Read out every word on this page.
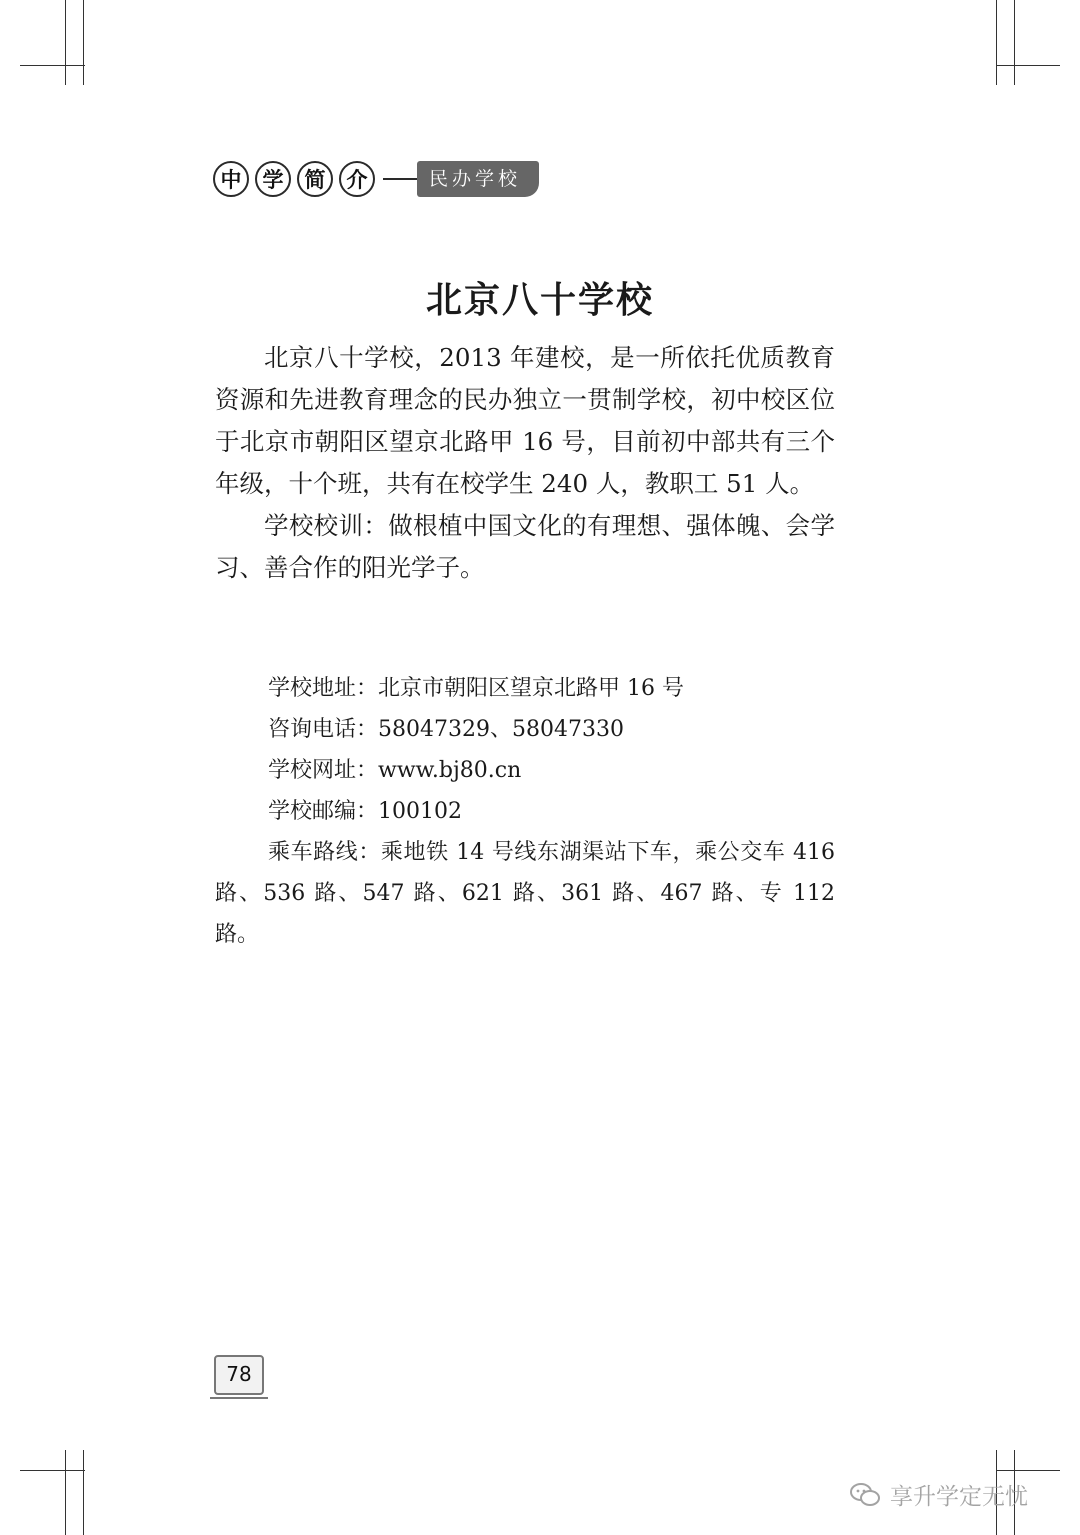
中	学	简	介	民办学校
北京八十学校

北京八十学校，2013 年建校，是一所依托优质教育资源和先进教育理念的民办独立一贯制学校，初中校区位于北京市朝阳区望京北路甲 16 号，目前初中部共有三个年级，十个班，共有在校学生 240 人，教职工 51 人。

学校校训：做根植中国文化的有理想、强体魄、会学习、善合作的阳光学子。

学校地址：北京市朝阳区望京北路甲 16 号
咨询电话：58047329、58047330
学校网址：www.bj80.cn
学校邮编：100102
乘车路线：乘地铁 14 号线东湖渠站下车，乘公交车 416 路、536 路、547 路、621 路、361 路、467 路、专 112 路。
78
享升学定无忧
